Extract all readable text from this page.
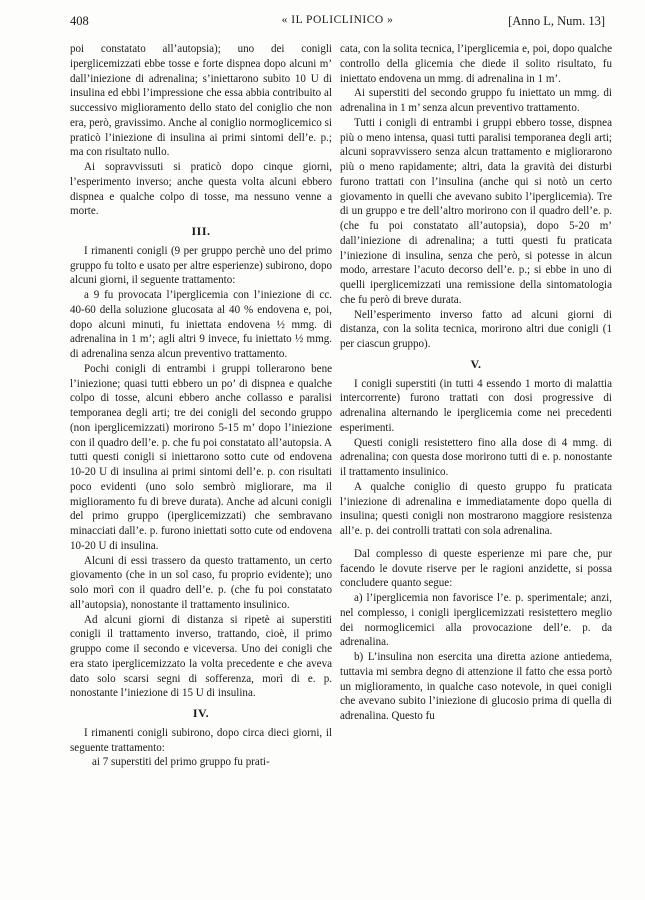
408	« IL POLICLINICO »	[Anno L, Num. 13]

poi constatato all’autopsia); uno dei conigli iperglicemizzati ebbe tosse e forte dispnea dopo alcuni m’ dall’iniezione di adrenalina; s’iniettarono subito 10 U di insulina ed ebbi l’impressione che essa abbia contribuito al successivo miglioramento dello stato del coniglio che non era, però, gravissimo. Anche al coniglio normoglicemico si praticò l’iniezione di insulina ai primi sintomi dell’e. p.; ma con risultato nullo.

Ai sopravvissuti si praticò dopo cinque giorni, l’esperimento inverso; anche questa volta alcuni ebbero dispnea e qualche colpo di tosse, ma nessuno venne a morte.

III.

I rimanenti conigli (9 per gruppo perchè uno del primo gruppo fu tolto e usato per altre esperienze) subirono, dopo alcuni giorni, il seguente trattamento:

a 9 fu provocata l’iperglicemia con l’iniezione di cc. 40-60 della soluzione glucosata al 40 % endovena e, poi, dopo alcuni minuti, fu iniettata endovena ½ mmg. di adrenalina in 1 m’; agli altri 9 invece, fu iniettato ½ mmg. di adrenalina senza alcun preventivo trattamento.

Pochi conigli di entrambi i gruppi tollerarono bene l’iniezione; quasi tutti ebbero un po’ di dispnea e qualche colpo di tosse, alcuni ebbero anche collasso e paralisi temporanea degli arti; tre dei conigli del secondo gruppo (non iperglicemizzati) morirono 5-15 m’ dopo l’iniezione con il quadro dell’e. p. che fu poi constatato all’autopsia. A tutti questi conigli si iniettarono sotto cute od endovena 10-20 U di insulina ai primi sintomi dell’e. p. con risultati poco evidenti (uno solo sembrò migliorare, ma il miglioramento fu di breve durata). Anche ad alcuni conigli del primo gruppo (iperglicemizzati) che sembravano minacciati dall’e. p. furono iniettati sotto cute od endovena 10-20 U di insulina.

Alcuni di essi trassero da questo trattamento, un certo giovamento (che in un sol caso, fu proprio evidente); uno solo morì con il quadro dell’e. p. (che fu poi constatato all’autopsia), nonostante il trattamento insulinico.

Ad alcuni giorni di distanza si ripetè ai superstiti conigli il trattamento inverso, trattando, cioè, il primo gruppo come il secondo e viceversa. Uno dei conigli che era stato iperglicemizzato la volta precedente e che aveva dato solo scarsi segni di sofferenza, morì di e. p. nonostante l’iniezione di 15 U di insulina.

IV.

I rimanenti conigli subirono, dopo circa dieci giorni, il seguente trattamento:

ai 7 superstiti del primo gruppo fu prati-

cata, con la solita tecnica, l’iperglicemia e, poi, dopo qualche controllo della glicemia che diede il solito risultato, fu iniettato endovena un mmg. di adrenalina in 1 m’.

Ai superstiti del secondo gruppo fu iniettato un mmg. di adrenalina in 1 m’ senza alcun preventivo trattamento.

Tutti i conigli di entrambi i gruppi ebbero tosse, dispnea più o meno intensa, quasi tutti paralisi temporanea degli arti; alcuni sopravvissero senza alcun trattamento e migliorarono più o meno rapidamente; altri, data la gravità dei disturbi furono trattati con l’insulina (anche qui si notò un certo giovamento in quelli che avevano subito l’iperglicemia). Tre di un gruppo e tre dell’altro morirono con il quadro dell’e. p. (che fu poi constatato all’autopsia), dopo 5-20 m’ dall’iniezione di adrenalina; a tutti questi fu praticata l’iniezione di insulina, senza che però, si potesse in alcun modo, arrestare l’acuto decorso dell’e. p.; si ebbe in uno di quelli iperglicemizzati una remissione della sintomatologia che fu però di breve durata.

Nell’esperimento inverso fatto ad alcuni giorni di distanza, con la solita tecnica, morirono altri due conigli (1 per ciascun gruppo).

V.

I conigli superstiti (in tutti 4 essendo 1 morto di malattia intercorrente) furono trattati con dosi progressive di adrenalina alternando le iperglicemia come nei precedenti esperimenti.

Questi conigli resistettero fino alla dose di 4 mmg. di adrenalina; con questa dose morirono tutti di e. p. nonostante il trattamento insulinico.

A qualche coniglio di questo gruppo fu praticata l’iniezione di adrenalina e immediatamente dopo quella di insulina; questi conigli non mostrarono maggiore resistenza all’e. p. dei controlli trattati con sola adrenalina.

Dal complesso di queste esperienze mi pare che, pur facendo le dovute riserve per le ragioni anzidette, si possa concludere quanto segue:

a) l’iperglicemia non favorisce l’e. p. sperimentale; anzi, nel complesso, i conigli iperglicemizzati resistettero meglio dei normoglicemici alla provocazione dell’e. p. da adrenalina.

b) L’insulina non esercita una diretta azione antiedema, tuttavia mi sembra degno di attenzione il fatto che essa portò un miglioramento, in qualche caso notevole, in quei conigli che avevano subito l’iniezione di glucosio prima di quella di adrenalina. Questo fu
